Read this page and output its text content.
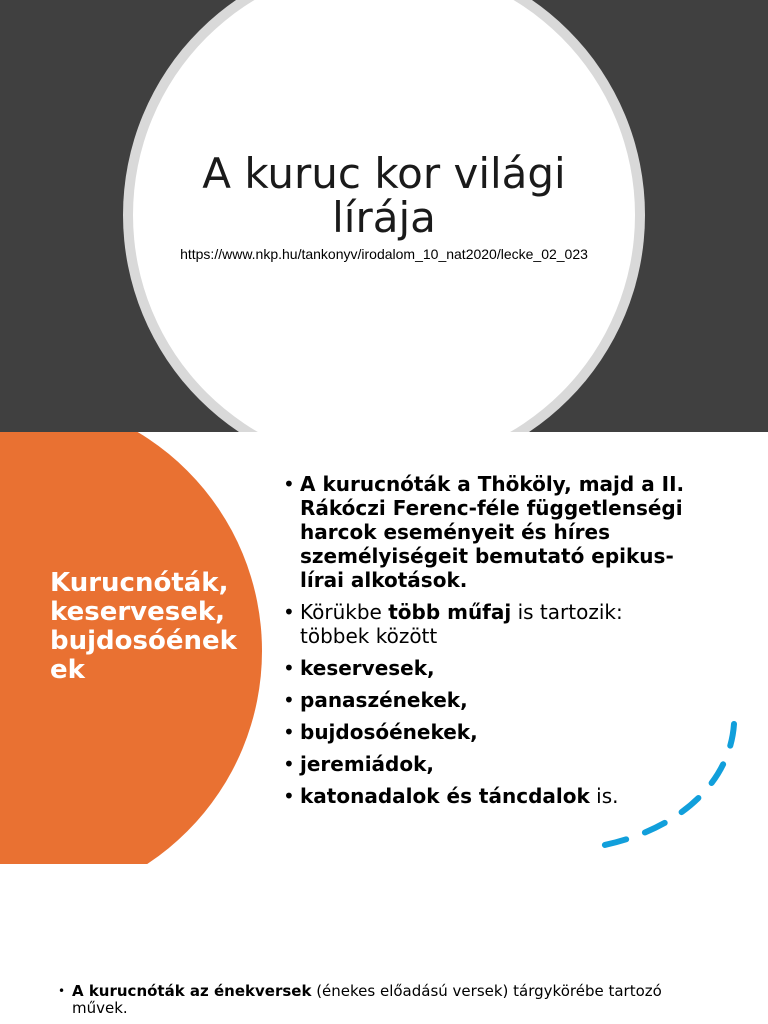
A kuruc kor világi lírája
https://www.nkp.hu/tankonyv/irodalom_10_nat2020/lecke_02_023
Kurucnóták, keservesek, bujdosóénekek
• A kurucnóták a Thököly, majd a II. Rákóczi Ferenc-féle függetlenségi harcok eseményeit és híres személyiségeit bemutató epikus-lírai alkotások.
• Körükbe több műfaj is tartozik: többek között
• keservesek,
• panaszénekek,
• bujdosóénekek,
• jeremiádok,
• katonadalok és táncdalok is.
• A kurucnóták az énekversek (énekes előadású versek) tárgykörébe tartozó művek.
